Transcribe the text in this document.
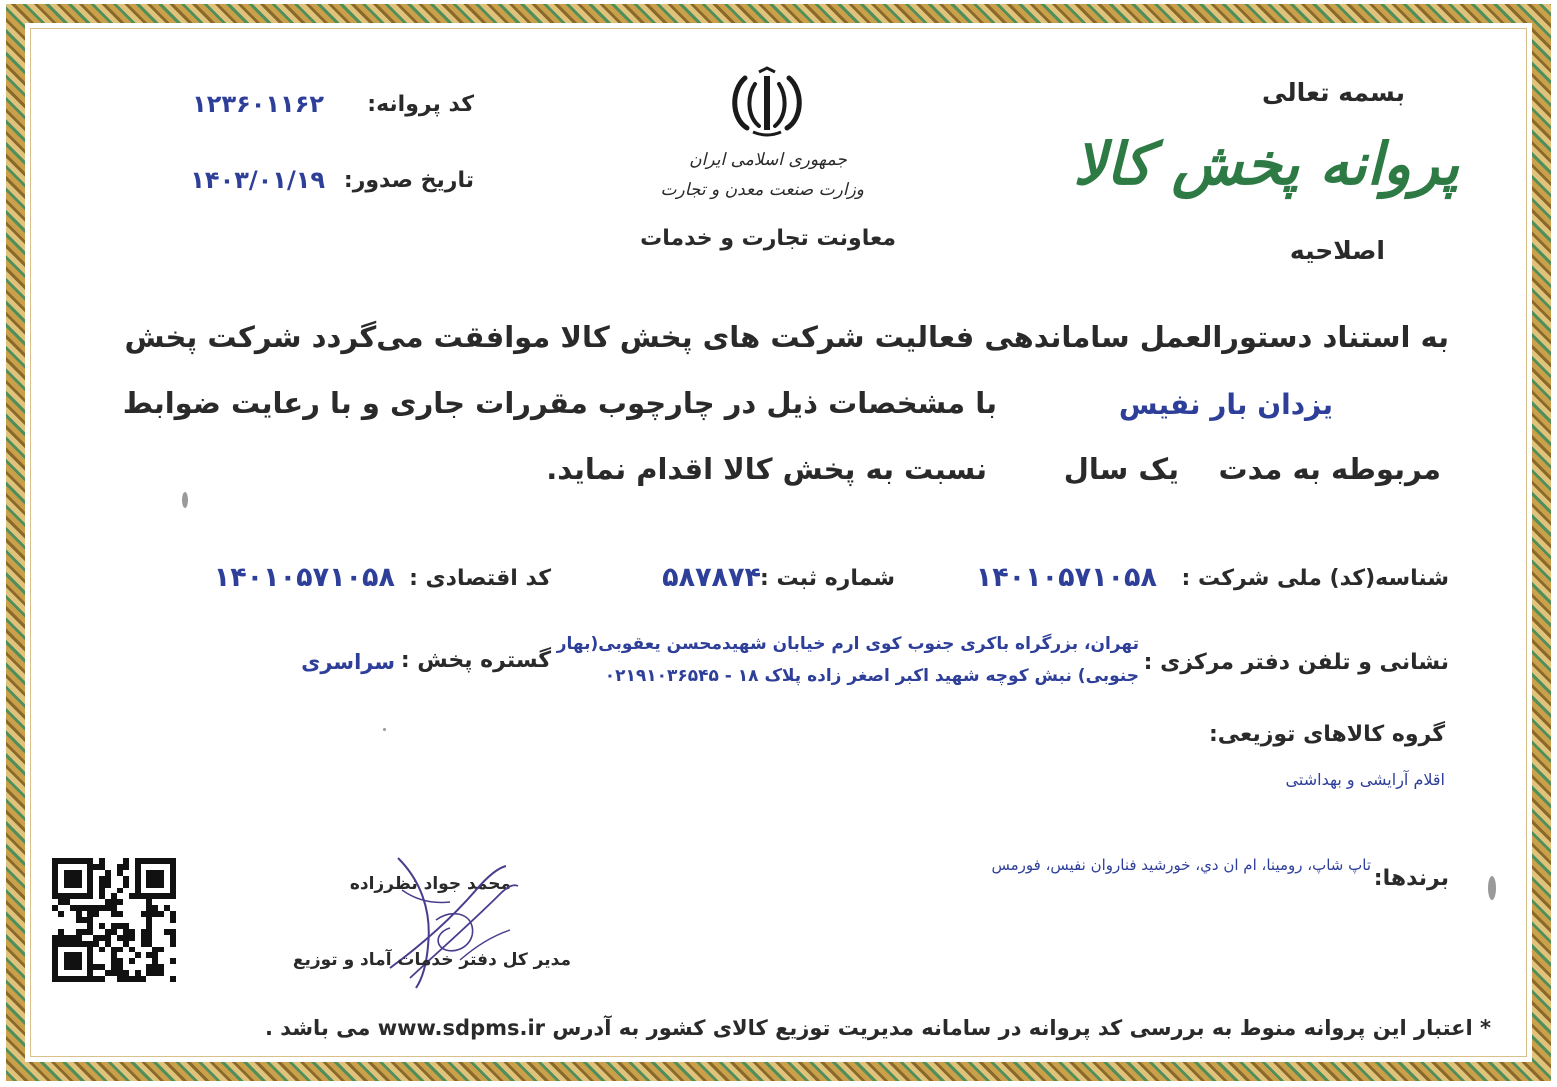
بسمه تعالی
پروانه پخش کالا
اصلاحیه
جمهوری اسلامی ایران
وزارت صنعت معدن و تجارت
معاونت تجارت و خدمات
کد پروانه:
۱۲۳۶۰۱۱۶۲
تاریخ صدور:
۱۴۰۳/۰۱/۱۹
به استناد دستورالعمل ساماندهی فعالیت شرکت های پخش کالا موافقت می‌گردد شرکت پخش
یزدان بار نفیس
با مشخصات ذیل در چارچوب مقررات جاری و با رعایت ضوابط
مربوطه به مدت
یک سال
نسبت به پخش کالا اقدام نماید.
شناسه(کد) ملی شرکت :
۱۴۰۱۰۵۷۱۰۵۸
شماره ثبت :
۵۸۷۸۷۴
کد اقتصادی :
۱۴۰۱۰۵۷۱۰۵۸
نشانی و تلفن دفتر مرکزی :
تهران، بزرگراه باکری جنوب کوی ارم خیابان شهیدمحسن یعقوبی(بهار
جنوبی) نبش کوچه شهید اکبر اصغر زاده پلاک ۱۸ - ۰۲۱۹۱۰۳۶۵۴۵
گستره پخش :
سراسری
گروه کالاهای توزیعی:
اقلام آرایشی و بهداشتی
برندها:
تاپ شاپ، رومینا، ام ان دي، خورشید فناروان نفیس، فورمس
محمد جواد نظرزاده
مدیر کل دفتر خدمات آماد و توزیع
* اعتبار این پروانه منوط به بررسی کد پروانه در سامانه مدیریت توزیع کالای کشور به آدرس www.sdpms.ir می باشد .
